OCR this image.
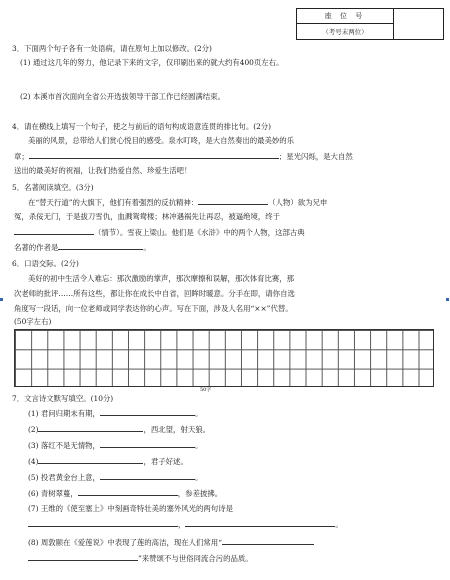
座 位 号
（考号末两位）
3．下面两个句子各有一处语病，请在原句上加以修改。(2分)
(1) 通过这几年的努力，他记录下来的文字，仅印刷出来的就大约有400页左右。
(2) 本溪市首次面向全省公开选拔领导干部工作已经圆满结束。
4．请在横线上填写一个句子，使之与前后的语句构成语意连贯的排比句。(2分)
美丽的风景，总带给人们赏心悦目的感受。泉水叮咚，是大自然奏出的最美妙的乐
章；	；星光闪烁，是大自然
送出的最美好的祝福，让我们热爱自然、珍爱生活吧！
5．名著阅读填空。(3分)
在“替天行道”的大旗下，他们有着强烈的反抗精神：	（人物）欲为兄申
冤，杀佞无门，于是拔刀雪仇，血溅鸳鸯楼；林冲遇祸先让再忍，被逼绝境，终于
（情节）。雪夜上梁山。他们是《水浒》中的两个人物，这部古典
名著的作者是	。
6．口语交际。(2分)
美好的初中生活令人难忘：那次激励的掌声，那次摩擦和误解，那次体育比赛，那
次老师的批评……所有这些，都让你在成长中自省，回眸时暖意。分手在即，请你自选
角度写一段话，向一位老师或同学表达你的心声。写在下面，涉及人名用“××”代替。
(50字左右)
50字
7．文言诗文默写填空。(10分)
(1) 君问归期未有期，	。
(2)	，西北望，射天狼。
(3) 落红不是无情物，	。
(4)	，君子好逑。
(5) 投君黄金台上意，	。
(6) 青树翠蔓，	，参差披拂。
(7) 王维的《使至塞上》中刻画奇特壮美的塞外风光的两句诗是
，	。
(8) 周敦颐在《爱莲说》中表现了莲的高洁，现在人们常用“
”来赞颂不与世俗同流合污的品质。
